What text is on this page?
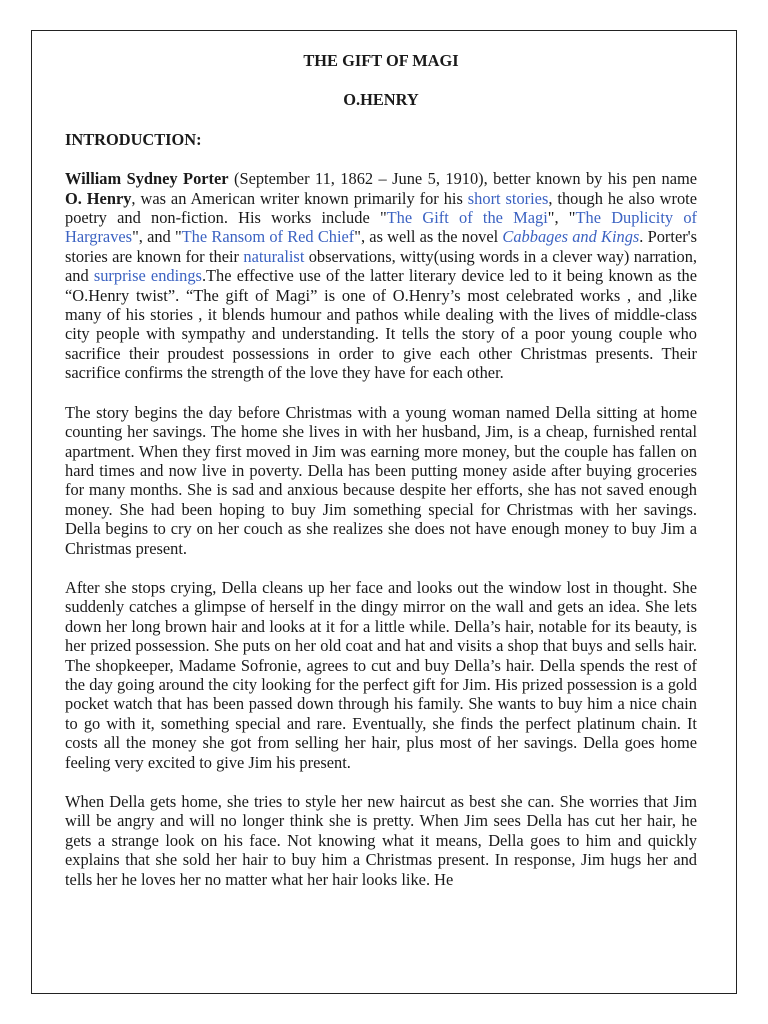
THE GIFT OF MAGI

O.HENRY

INTRODUCTION:

William Sydney Porter (September 11, 1862 – June 5, 1910), better known by his pen name O. Henry, was an American writer known primarily for his short stories, though he also wrote poetry and non-fiction. His works include "The Gift of the Magi", "The Duplicity of Hargraves", and "The Ransom of Red Chief", as well as the novel Cabbages and Kings. Porter's stories are known for their naturalist observations, witty(using words in a clever way) narration, and surprise endings.The effective use of the latter literary device led to it being known as the “O.Henry twist”. “The gift of Magi” is one of O.Henry’s most celebrated works , and ,like many of his stories , it blends humour and pathos while dealing with the lives of middle-class city people with sympathy and understanding. It tells the story of a poor young couple who sacrifice their proudest possessions in order to give each other Christmas presents. Their sacrifice confirms the strength of the love they have for each other.

The story begins the day before Christmas with a young woman named Della sitting at home counting her savings. The home she lives in with her husband, Jim, is a cheap, furnished rental apartment. When they first moved in Jim was earning more money, but the couple has fallen on hard times and now live in poverty. Della has been putting money aside after buying groceries for many months. She is sad and anxious because despite her efforts, she has not saved enough money. She had been hoping to buy Jim something special for Christmas with her savings. Della begins to cry on her couch as she realizes she does not have enough money to buy Jim a Christmas present.

After she stops crying, Della cleans up her face and looks out the window lost in thought. She suddenly catches a glimpse of herself in the dingy mirror on the wall and gets an idea. She lets down her long brown hair and looks at it for a little while. Della’s hair, notable for its beauty, is her prized possession. She puts on her old coat and hat and visits a shop that buys and sells hair. The shopkeeper, Madame Sofronie, agrees to cut and buy Della’s hair. Della spends the rest of the day going around the city looking for the perfect gift for Jim. His prized possession is a gold pocket watch that has been passed down through his family. She wants to buy him a nice chain to go with it, something special and rare. Eventually, she finds the perfect platinum chain. It costs all the money she got from selling her hair, plus most of her savings. Della goes home feeling very excited to give Jim his present.

When Della gets home, she tries to style her new haircut as best she can. She worries that Jim will be angry and will no longer think she is pretty. When Jim sees Della has cut her hair, he gets a strange look on his face. Not knowing what it means, Della goes to him and quickly explains that she sold her hair to buy him a Christmas present. In response, Jim hugs her and tells her he loves her no matter what her hair looks like. He
